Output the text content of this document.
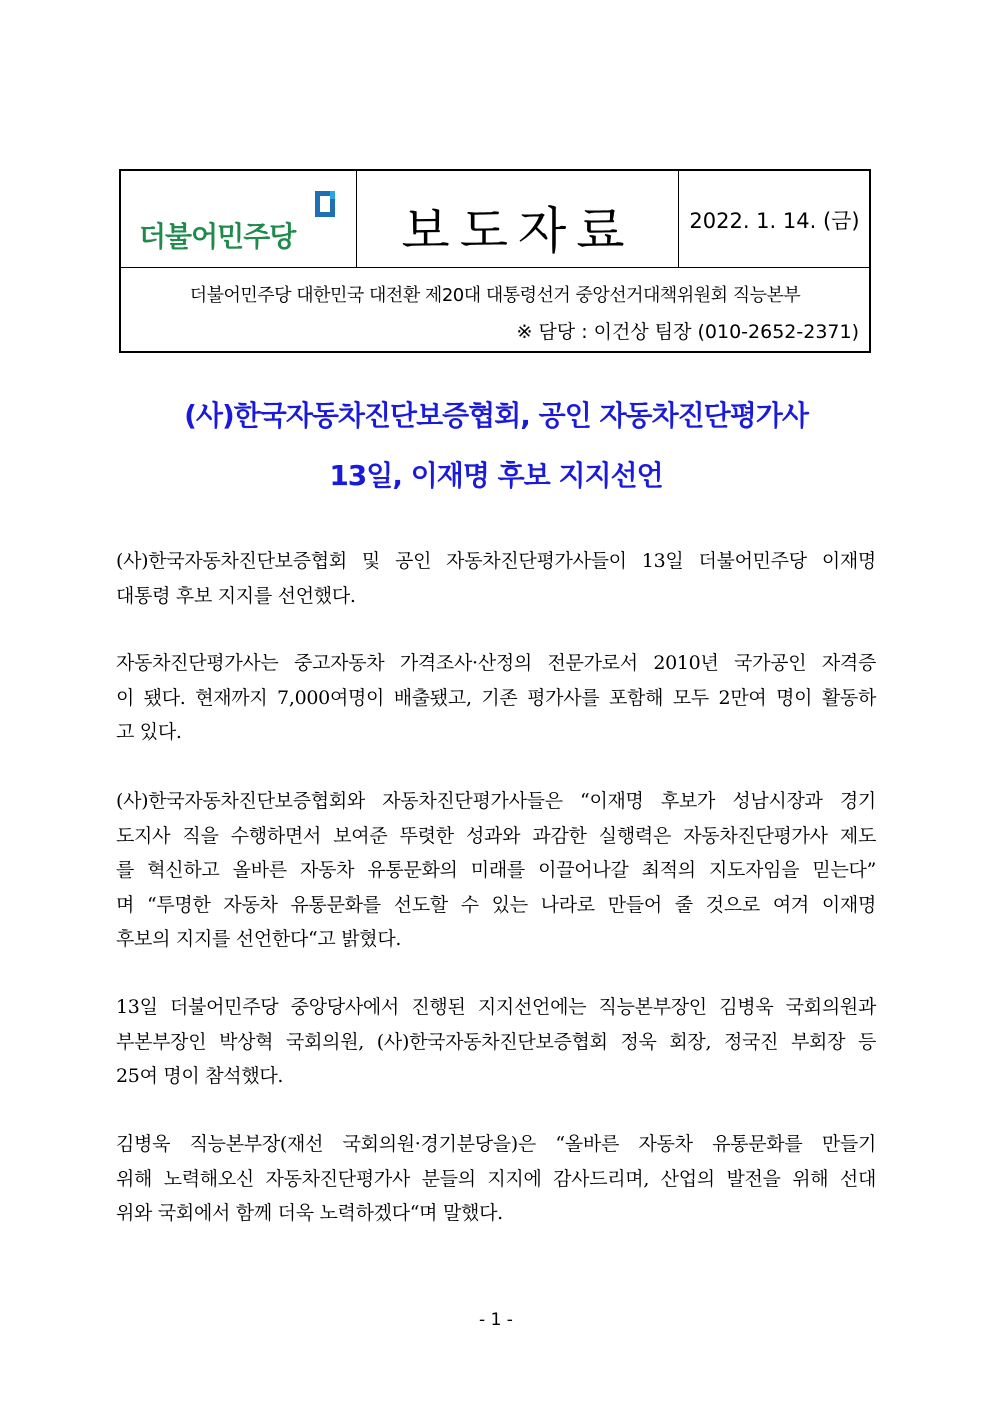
더불어민주당	보도자료	2022. 1. 14. (금)
더불어민주당 대한민국 대전환 제20대 대통령선거 중앙선거대책위원회 직능본부
※ 담당 : 이건상 팀장 (010-2652-2371)
(사)한국자동차진단보증협회, 공인 자동차진단평가사
13일, 이재명 후보 지지선언
(사)한국자동차진단보증협회 및 공인 자동차진단평가사들이 13일 더불어민주당 이재명
대통령 후보 지지를 선언했다.
자동차진단평가사는 중고자동차 가격조사·산정의 전문가로서 2010년 국가공인 자격증
이 됐다. 현재까지 7,000여명이 배출됐고, 기존 평가사를 포함해 모두 2만여 명이 활동하
고 있다.
(사)한국자동차진단보증협회와 자동차진단평가사들은 “이재명 후보가 성남시장과 경기
도지사 직을 수행하면서 보여준 뚜렷한 성과와 과감한 실행력은 자동차진단평가사 제도
를 혁신하고 올바른 자동차 유통문화의 미래를 이끌어나갈 최적의 지도자임을 믿는다”
며 “투명한 자동차 유통문화를 선도할 수 있는 나라로 만들어 줄 것으로 여겨 이재명
후보의 지지를 선언한다“고 밝혔다.
13일 더불어민주당 중앙당사에서 진행된 지지선언에는 직능본부장인 김병욱 국회의원과
부본부장인 박상혁 국회의원, (사)한국자동차진단보증협회 정욱 회장, 정국진 부회장 등
25여 명이 참석했다.
김병욱 직능본부장(재선 국회의원·경기분당을)은 “올바른 자동차 유통문화를 만들기
위해 노력해오신 자동차진단평가사 분들의 지지에 감사드리며, 산업의 발전을 위해 선대
위와 국회에서 함께 더욱 노력하겠다“며 말했다.
- 1 -
